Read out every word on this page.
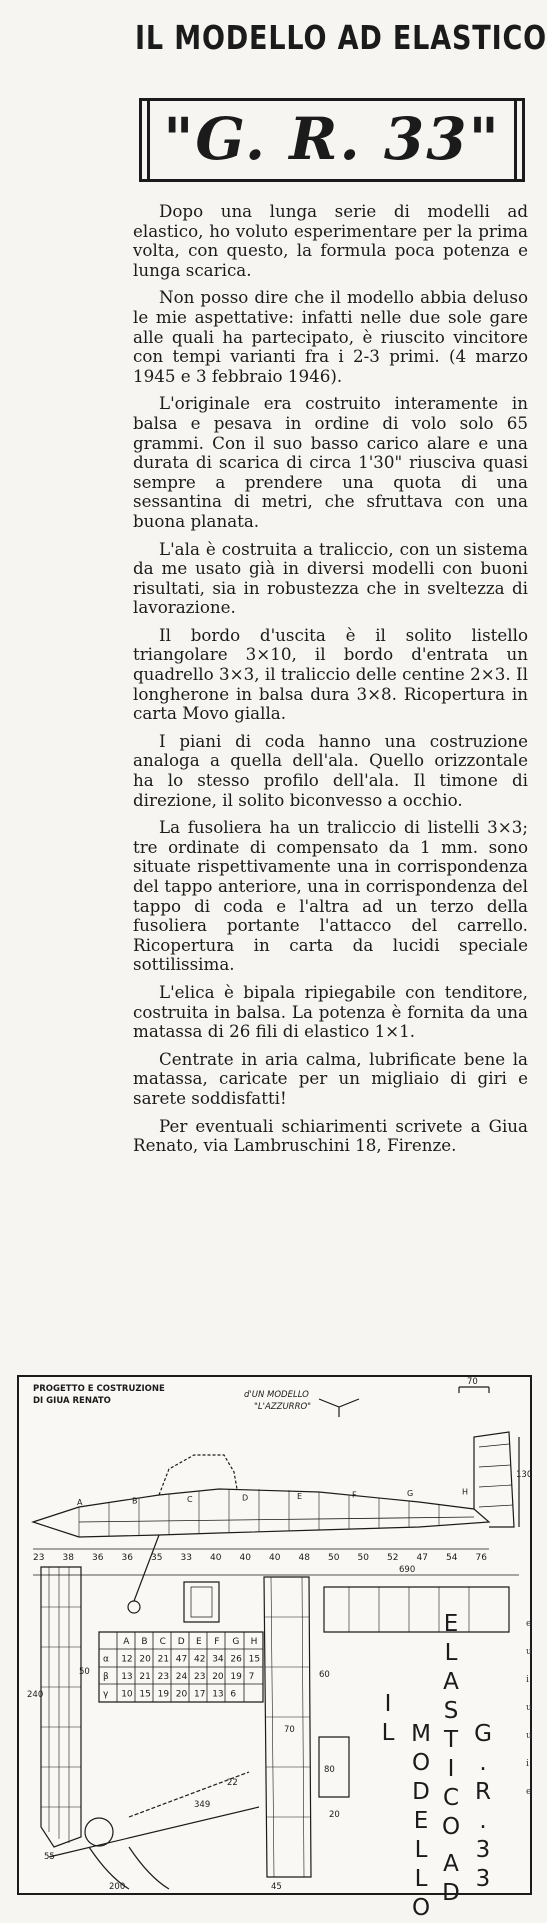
IL MODELLO AD ELASTICO
"G. R. 33"

Dopo una lunga serie di modelli ad elastico, ho voluto esperimentare per la prima volta, con questo, la formula poca potenza e lunga scarica.

Non posso dire che il modello abbia deluso le mie aspettative: infatti nelle due sole gare alle quali ha partecipato, è riuscito vincitore con tempi varianti fra i 2-3 primi. (4 marzo 1945 e 3 febbraio 1946).

L'originale era costruito interamente in balsa e pesava in ordine di volo solo 65 grammi. Con il suo basso carico alare e una durata di scarica di circa 1'30" riusciva quasi sempre a prendere una quota di una sessantina di metri, che sfruttava con una buona planata.

L'ala è costruita a traliccio, con un sistema da me usato già in diversi modelli con buoni risultati, sia in robustezza che in sveltezza di lavorazione.

Il bordo d'uscita è il solito listello triangolare 3×10, il bordo d'entrata un quadrello 3×3, il traliccio delle centine 2×3. Il longherone in balsa dura 3×8. Ricopertura in carta Movo gialla.

I piani di coda hanno una costruzione analoga a quella dell'ala. Quello orizzontale ha lo stesso profilo dell'ala. Il timone di direzione, il solito biconvesso a occhio.

La fusoliera ha un traliccio di listelli 3×3; tre ordinate di compensato da 1 mm. sono situate rispettivamente una in corrispondenza del tappo anteriore, una in corrispondenza del tappo di coda e l'altra ad un terzo della fusoliera portante l'attacco del carrello. Ricopertura in carta da lucidi speciale sottilissima.

L'elica è bipala ripiegabile con tenditore, costruita in balsa. La potenza è fornita da una matassa di 26 fili di elastico 1×1.

Centrate in aria calma, lubrificate bene la matassa, caricate per un migliaio di giri e sarete soddisfatti!

Per eventuali schiarimenti scrivete a Giua Renato, via Lambruschini 18, Firenze.

PROGETTO E COSTRUZIONE
DI GIUA RENATO
d'UN MODELLO
"L'AZZURRO"
70
130
690
50
240
55
70
80
20
349
22
60
45
200
A	B	C	D	E	F	G	H
23 38 36 36 35 33 40 40 40 48 50 50 52 47 54 76
A B C D E F G H
α 12 20 21 47 42 34 26 15
β 13 21 23 24 23 20 19 7
γ 10 15 19 20 17 13 6	I
L M
O
D
E
L
L
O
A
D
E
L
A
S
T
I
C
O
G
.
R
.
3
3
e
u
i
u
u
i
e
